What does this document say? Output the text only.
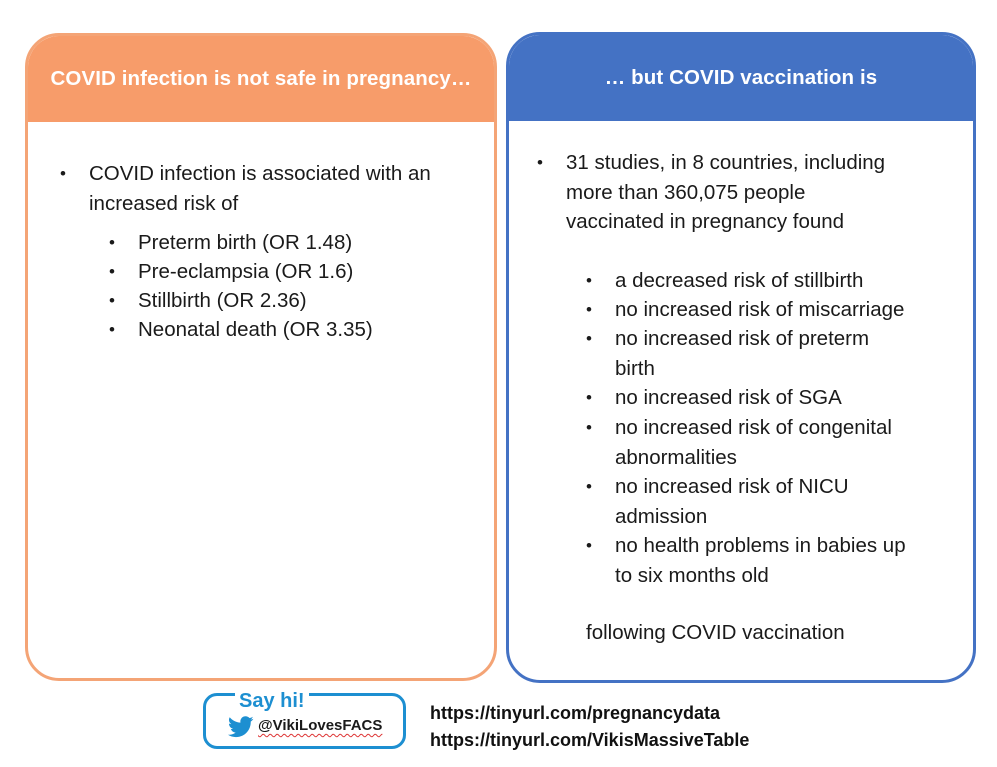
COVID infection is not safe in pregnancy…
• COVID infection is associated with an
increased risk of
• Preterm birth (OR 1.48)
• Pre-eclampsia (OR 1.6)
• Stillbirth (OR 2.36)
• Neonatal death (OR 3.35)
… but COVID vaccination is
• 31 studies, in 8 countries, including
more than 360,075 people
vaccinated in pregnancy found
• a decreased risk of stillbirth
• no increased risk of miscarriage
• no increased risk of preterm
birth
• no increased risk of SGA
• no increased risk of congenital
abnormalities
• no increased risk of NICU
admission
• no health problems in babies up
to six months old
following COVID vaccination
Say hi!
@VikiLovesFACS
https://tinyurl.com/pregnancydata
https://tinyurl.com/VikisMassiveTable
